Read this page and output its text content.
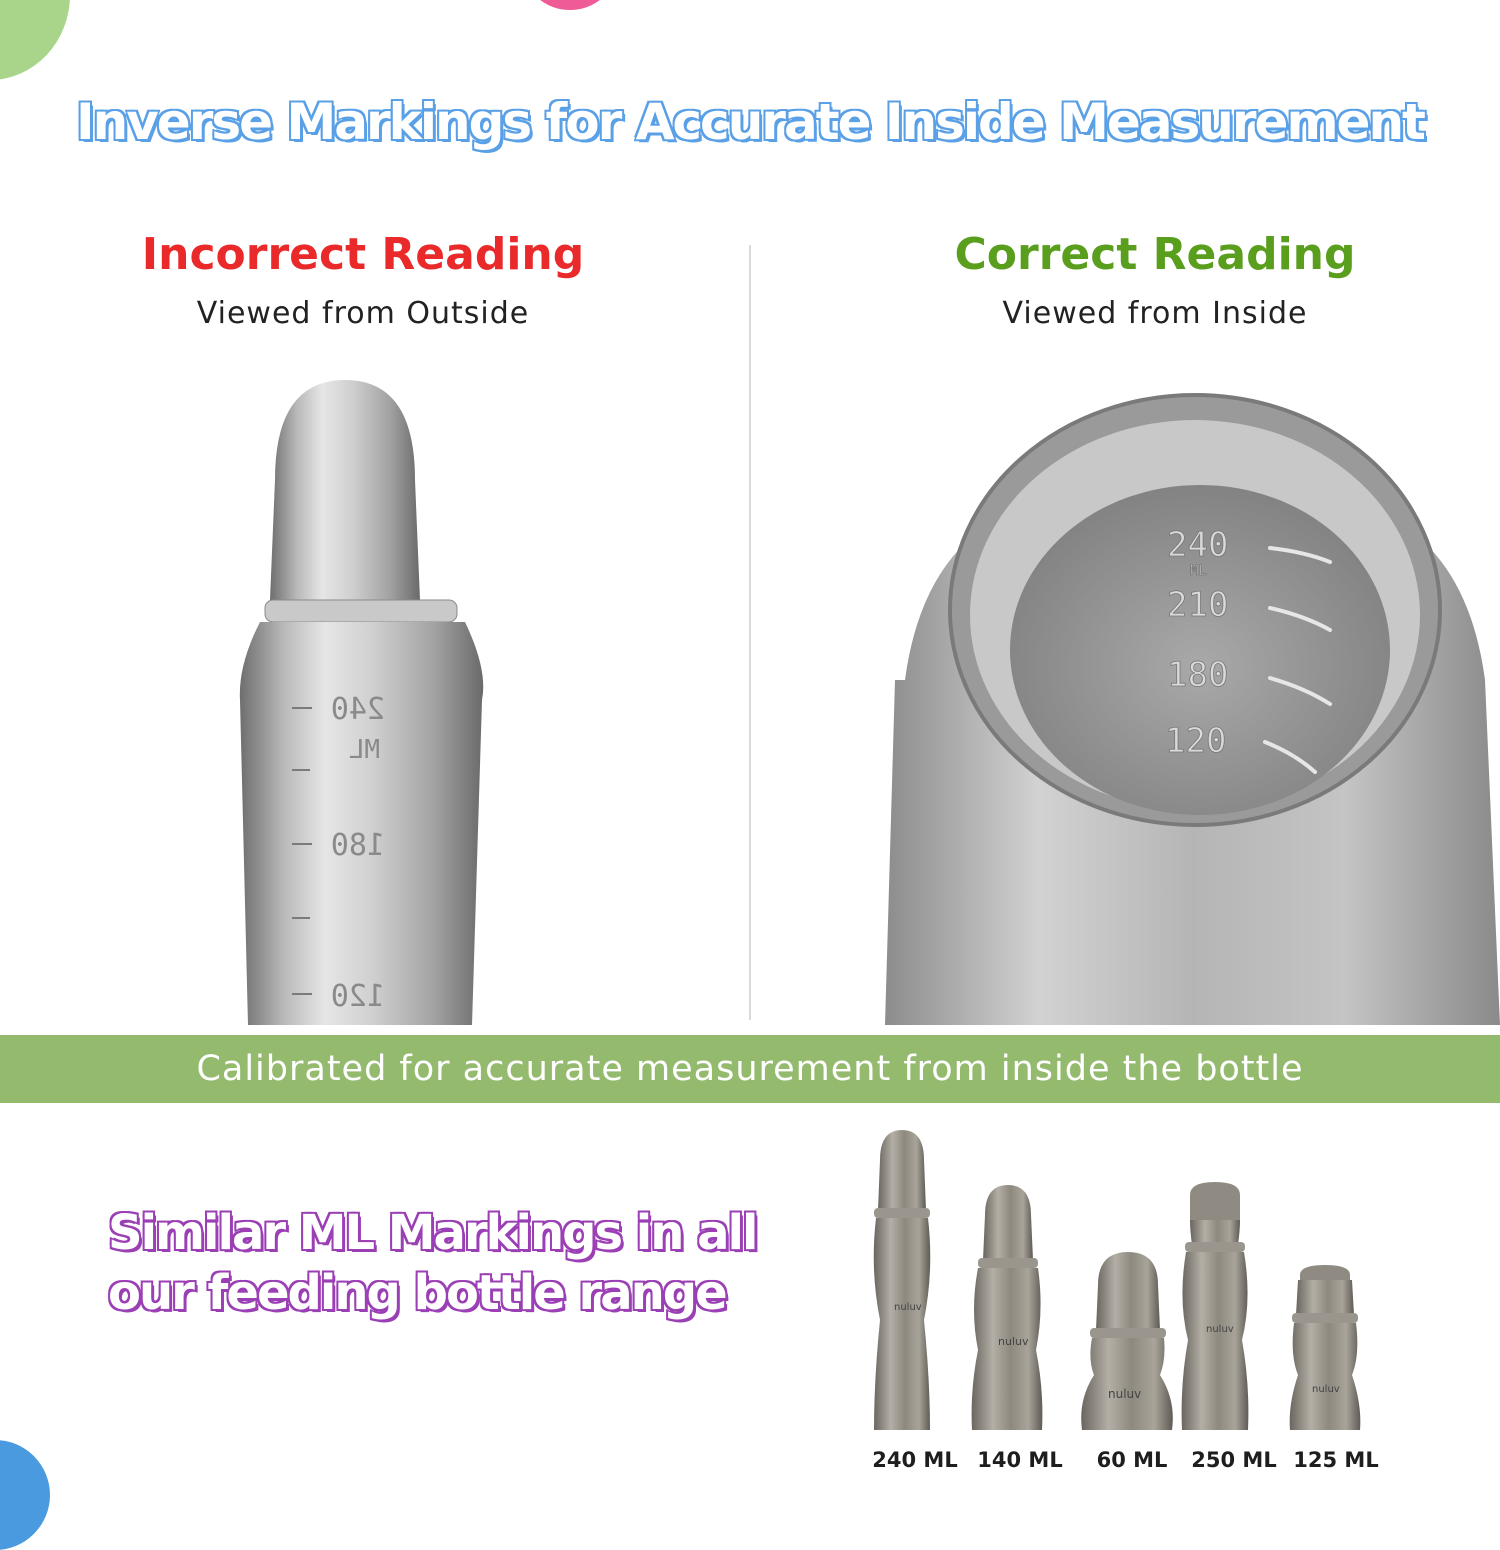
Inverse Markings for Accurate Inside Measurement
Incorrect Reading
Viewed from Outside
Correct Reading
Viewed from Inside
240
ML
180
120
240
ML
210
180
120
Calibrated for accurate measurement from inside the bottle
Similar ML Markings in all
our feeding bottle range	nuluv
nuluv
nuluv
nuluv
nuluv
240 ML 140 ML	60 ML	250 ML 125 ML
